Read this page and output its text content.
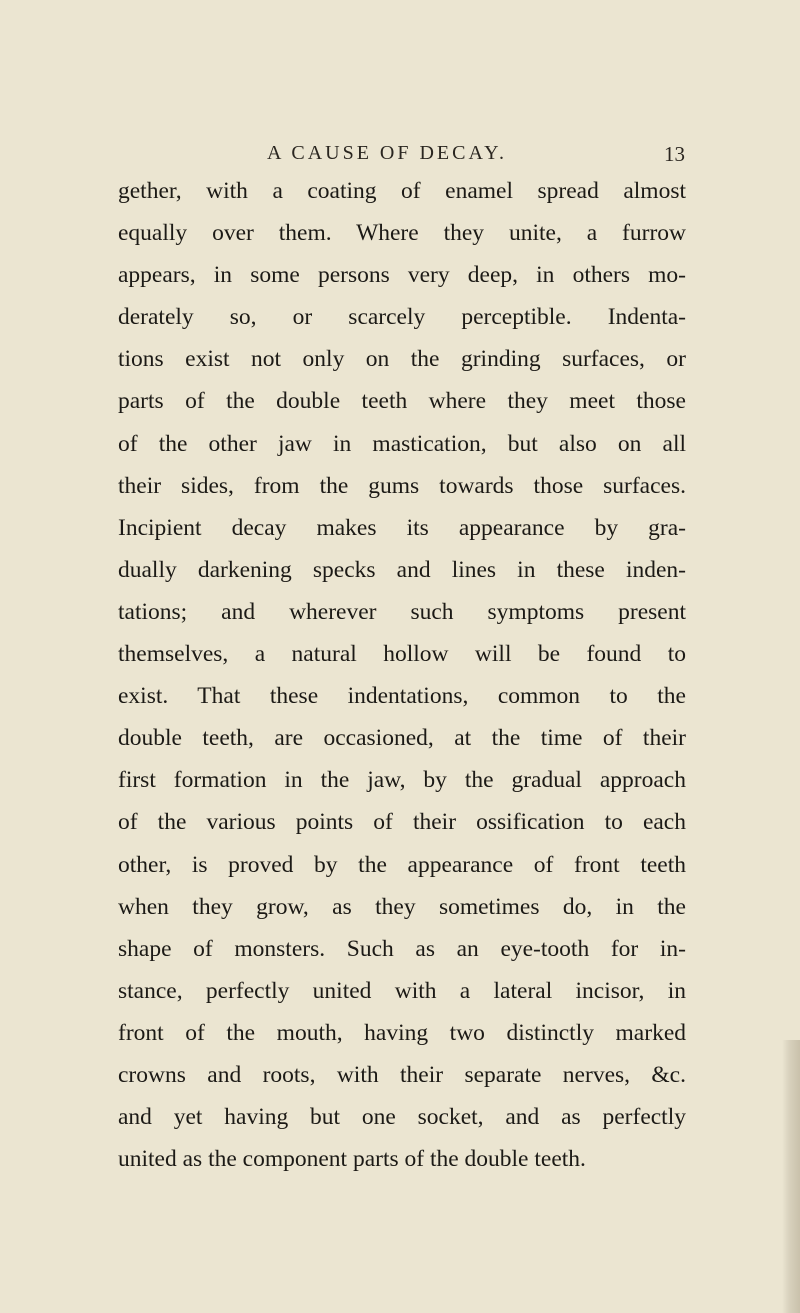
A CAUSE OF DECAY.	13
gether, with a coating of enamel spread almost
equally over them. Where they unite, a furrow
appears, in some persons very deep, in others mo-
derately so, or scarcely perceptible. Indenta-
tions exist not only on the grinding surfaces, or
parts of the double teeth where they meet those
of the other jaw in mastication, but also on all
their sides, from the gums towards those surfaces.
Incipient decay makes its appearance by gra-
dually darkening specks and lines in these inden-
tations; and wherever such symptoms present
themselves, a natural hollow will be found to
exist. That these indentations, common to the
double teeth, are occasioned, at the time of their
first formation in the jaw, by the gradual approach
of the various points of their ossification to each
other, is proved by the appearance of front teeth
when they grow, as they sometimes do, in the
shape of monsters. Such as an eye-tooth for in-
stance, perfectly united with a lateral incisor, in
front of the mouth, having two distinctly marked
crowns and roots, with their separate nerves, &c.
and yet having but one socket, and as perfectly
united as the component parts of the double teeth.
